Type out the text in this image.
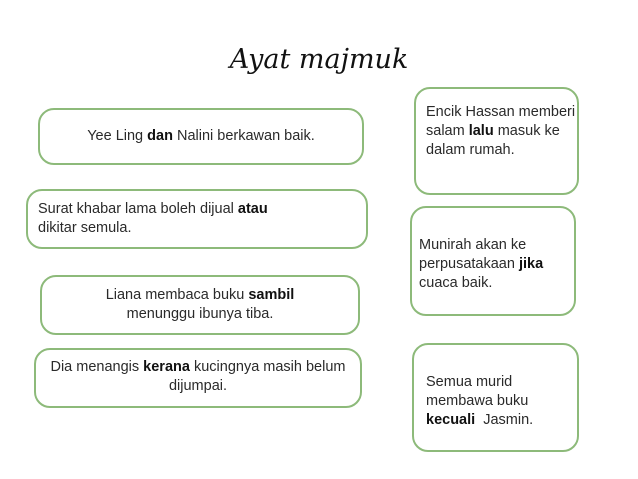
Ayat majmuk
Yee Ling dan Nalini berkawan baik.
Surat khabar lama boleh dijual atau
dikitar semula.
Liana membaca buku sambil
menunggu ibunya tiba.
Dia menangis kerana kucingnya masih belum dijumpai.
Encik Hassan memberi salam lalu masuk ke dalam rumah.
Munirah akan ke perpusatakaan jika cuaca baik.
Semua murid membawa buku kecuali  Jasmin.
